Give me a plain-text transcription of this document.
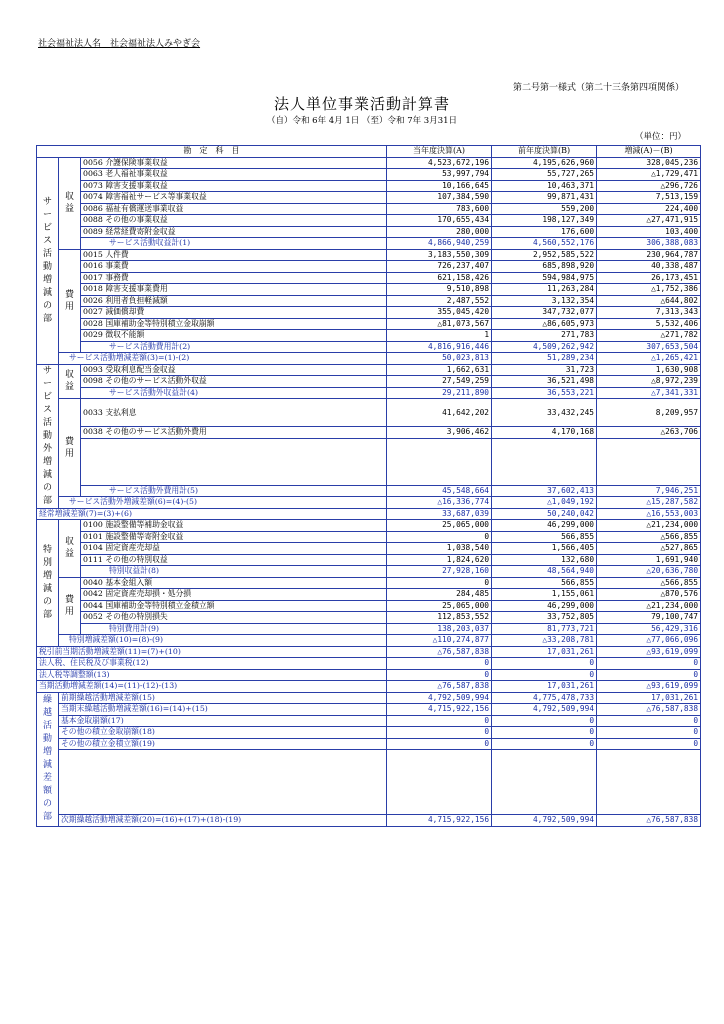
社会福祉法人名　 社会福祉法人みやぎ会
第二号第一様式（第二十三条第四項関係）
法人単位事業活動計算書
（自）令和 6年 4月 1日 （至）令和 7年 3月31日
（単位：円）
勘　定　科　目			当年度決算(A)	前年度決算(B)	増減(A)－(B)

サービス活動増減の部	収益	0056 介護保険事業収益	4,523,672,196	4,195,626,960	328,045,236
		0063 老人福祉事業収益	53,997,794	55,727,265	△1,729,471
		0073 障害支援事業収益	10,166,645	10,463,371	△296,726
		0074 障害福祉サービス等事業収益	107,384,590	99,871,431	7,513,159
		0086 福祉有償運送事業収益	783,600	559,200	224,400
		0088 その他の事業収益	170,655,434	198,127,349	△27,471,915
		0089 経常経費寄附金収益	280,000	176,600	103,400
		サービス活動収益計(1)	4,866,940,259	4,560,552,176	306,388,083

	費用	0015 人件費	3,183,550,309	2,952,585,522	230,964,787
		0016 事業費	726,237,407	685,898,920	40,338,487
		0017 事務費	621,158,426	594,984,975	26,173,451
		0018 障害支援事業費用	9,510,898	11,263,284	△1,752,386
		0026 利用者負担軽減額	2,487,552	3,132,354	△644,802
		0027 減価償却費	355,045,420	347,732,077	7,313,343
		0028 国庫補助金等特別積立金取崩額	△81,073,567	△86,605,973	5,532,406
		0029 徴収不能額	1	271,783	△271,782
		サービス活動費用計(2)	4,816,916,446	4,509,262,942	307,653,504
	サービス活動増減差額(3)=(1)-(2)		50,023,813	51,289,234	△1,265,421

サービス活動外増減の部	収益	0093 受取利息配当金収益	1,662,631	31,723	1,630,908
		0098 その他のサービス活動外収益	27,549,259	36,521,498	△8,972,239
		サービス活動外収益計(4)	29,211,890	36,553,221	△7,341,331

	費用	0033 支払利息	41,642,202	33,432,245	8,209,957
		0038 その他のサービス活動外費用	3,906,462	4,170,168	△263,706

		サービス活動外費用計(5)	45,548,664	37,602,413	7,946,251
	サービス活動外増減差額(6)=(4)-(5)		△16,336,774	△1,049,192	△15,287,582
経常増減差額(7)=(3)+(6)			33,687,039	50,240,042	△16,553,003

特別増減の部	収益	0100 施設整備等補助金収益	25,065,000	46,299,000	△21,234,000
		0101 施設整備等寄附金収益	0	566,855	△566,855
		0104 固定資産売却益	1,038,540	1,566,405	△527,865
		0111 その他の特別収益	1,824,620	132,680	1,691,940
		特別収益計(8)	27,928,160	48,564,940	△20,636,780

	費用	0040 基本金組入額	0	566,855	△566,855
		0042 固定資産売却損・処分損	284,485	1,155,061	△870,576
		0044 国庫補助金等特別積立金積立額	25,065,000	46,299,000	△21,234,000
		0052 その他の特別損失	112,853,552	33,752,805	79,100,747
		特別費用計(9)	138,203,037	81,773,721	56,429,316
	特別増減差額(10)=(8)-(9)		△110,274,877	△33,208,781	△77,066,096
税引前当期活動増減差額(11)=(7)+(10)			△76,587,838	17,031,261	△93,619,099
法人税、住民税及び事業税(12)			0	0	0
法人税等調整額(13)			0	0	0
当期活動増減差額(14)=(11)-(12)-(13)			△76,587,838	17,031,261	△93,619,099

繰越活動増減差額の部	前期繰越活動増減差額(15)		4,792,509,994	4,775,478,733	17,031,261
	当期末繰越活動増減差額(16)=(14)+(15)		4,715,922,156	4,792,509,994	△76,587,838
	基本金取崩額(17)		0	0	0
	その他の積立金取崩額(18)		0	0	0
	その他の積立金積立額(19)		0	0	0

	次期繰越活動増減差額(20)=(16)+(17)+(18)-(19)		4,715,922,156	4,792,509,994	△76,587,838
